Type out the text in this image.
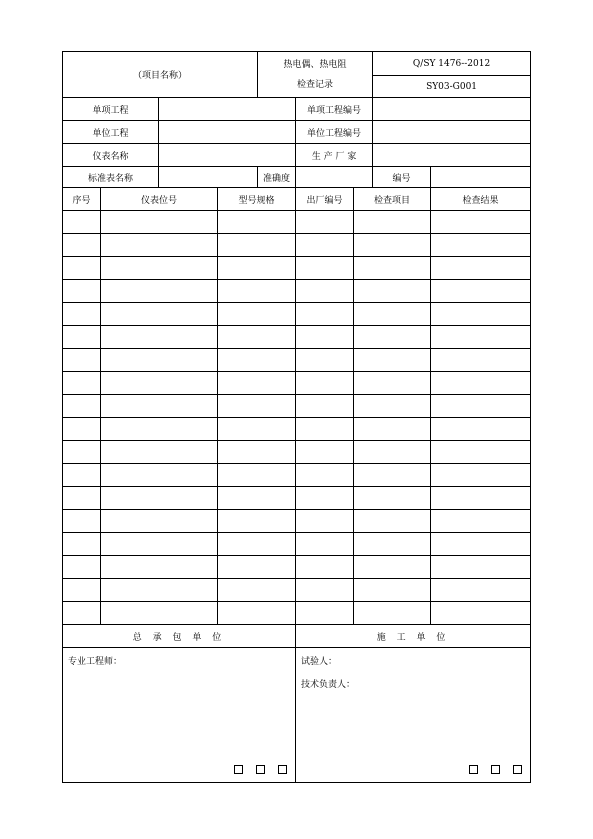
（项目名称）				热电偶、热电阻
检查记录			Q/SY 1476--2012	
							SY03-G001	
单项工程					单项工程编号			
单位工程					单位工程编号			
仪表名称					生 产 厂 家			
标准表名称				准确度			编号	
序号	仪表位号		型号规格		出厂编号	检查项目		检查结果

总 承 包 单 位					施 工 单 位			

专业工程师：					试验人：
技术负责人：			
